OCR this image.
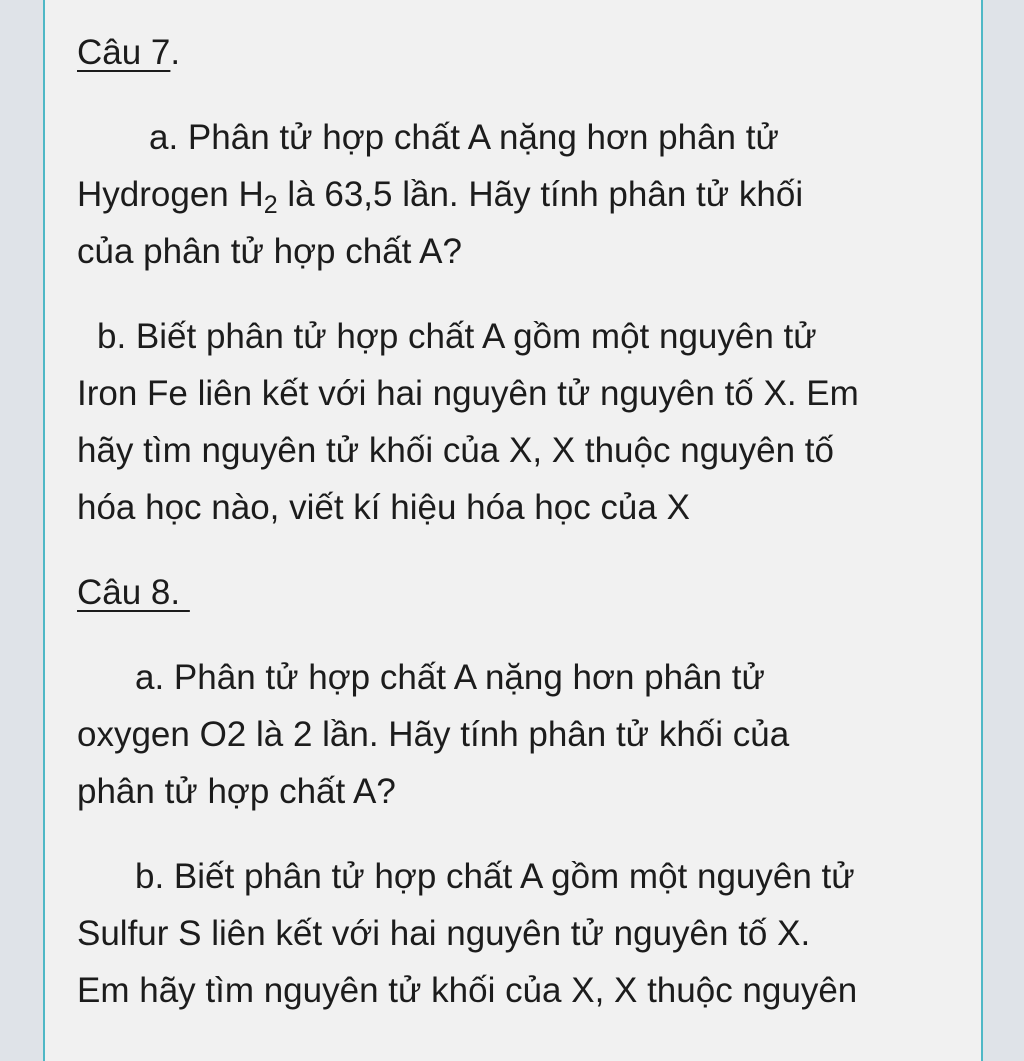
Câu 7.

a. Phân tử hợp chất A nặng hơn phân tử

Hydrogen $H_2$ là 63,5 lần. Hãy tính phân tử khối

của phân tử hợp chất A?

b. Biết phân tử hợp chất A gồm một nguyên tử

Iron Fe liên kết với hai nguyên tử nguyên tố X. Em

hãy tìm nguyên tử khối của X, X thuộc nguyên tố

hóa học nào, viết kí hiệu hóa học của X

Câu 8.

a. Phân tử hợp chất A nặng hơn phân tử

oxygen O2 là 2 lần. Hãy tính phân tử khối của

phân tử hợp chất A?

b. Biết phân tử hợp chất A gồm một nguyên tử

Sulfur S liên kết với hai nguyên tử nguyên tố X.

Em hãy tìm nguyên tử khối của X, X thuộc nguyên
